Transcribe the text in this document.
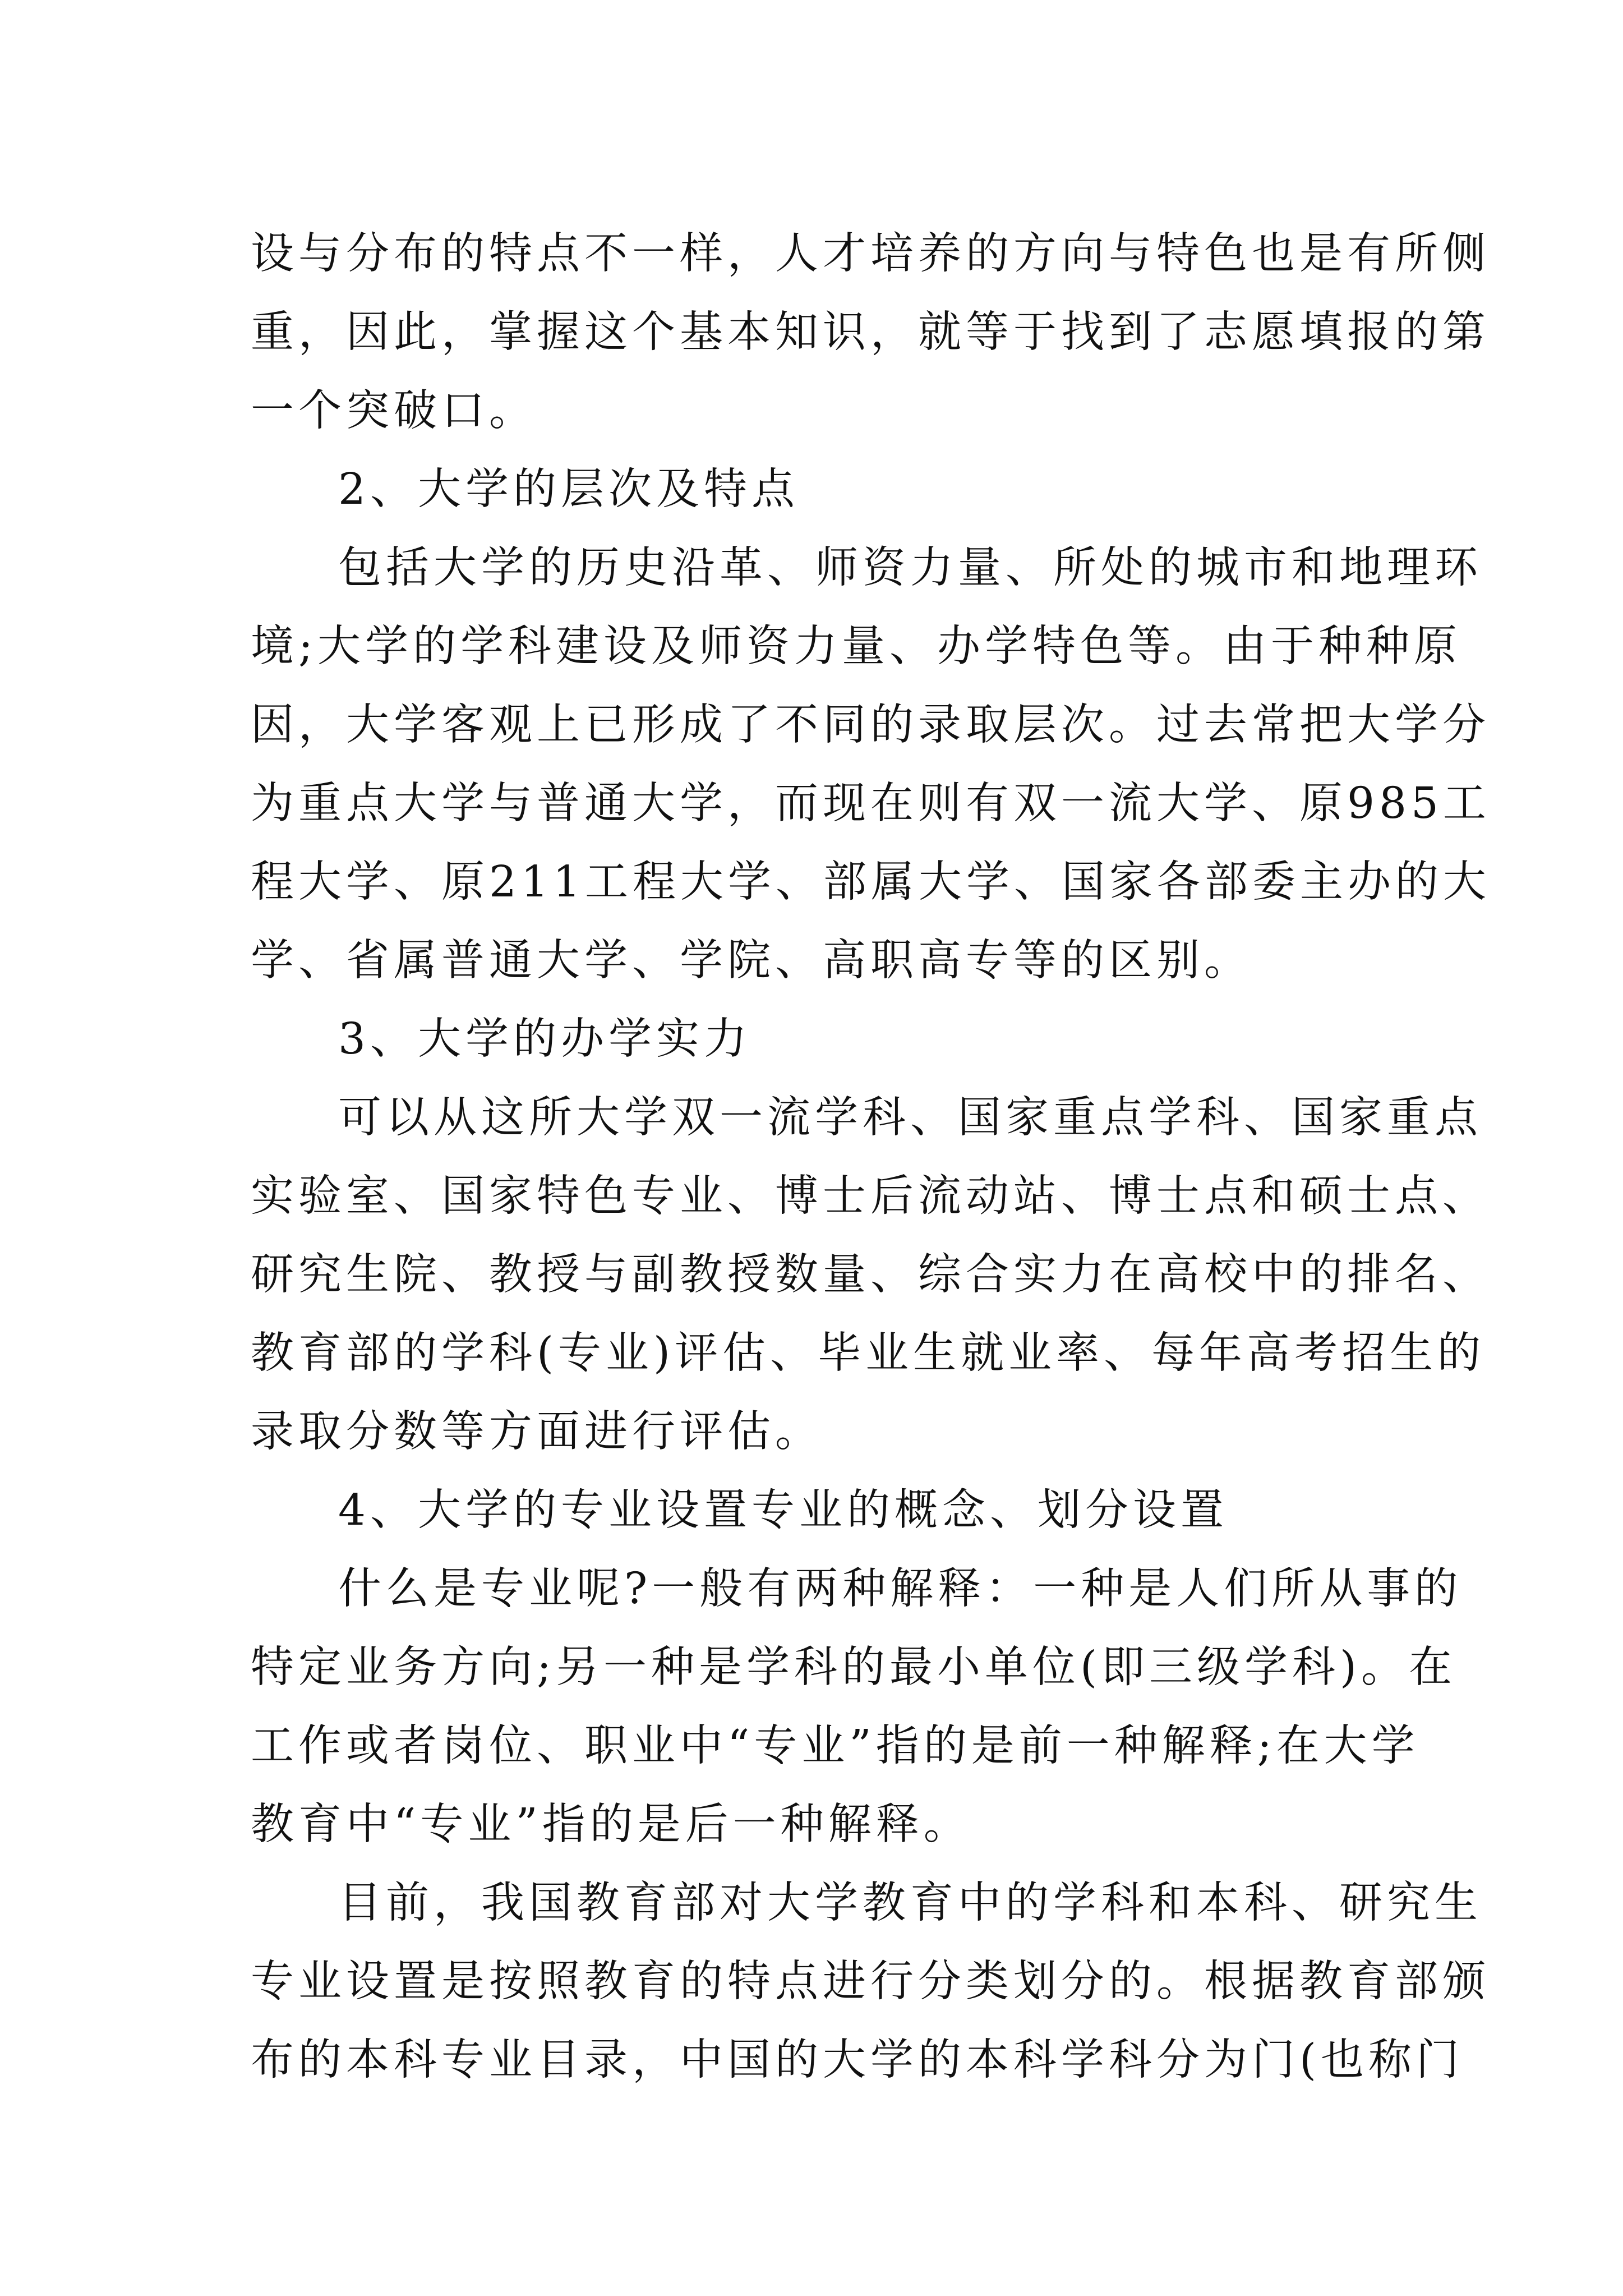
设与分布的特点不一样，人才培养的方向与特色也是有所侧
重，因此，掌握这个基本知识，就等于找到了志愿填报的第
一个突破口。
2、大学的层次及特点
包括大学的历史沿革、师资力量、所处的城市和地理环
境;大学的学科建设及师资力量、办学特色等。由于种种原
因，大学客观上已形成了不同的录取层次。过去常把大学分
为重点大学与普通大学，而现在则有双一流大学、原985工
程大学、原211工程大学、部属大学、国家各部委主办的大
学、省属普通大学、学院、高职高专等的区别。
3、大学的办学实力
可以从这所大学双一流学科、国家重点学科、国家重点
实验室、国家特色专业、博士后流动站、博士点和硕士点、
研究生院、教授与副教授数量、综合实力在高校中的排名、
教育部的学科(专业)评估、毕业生就业率、每年高考招生的
录取分数等方面进行评估。
4、大学的专业设置专业的概念、划分设置
什么是专业呢?一般有两种解释：一种是人们所从事的
特定业务方向;另一种是学科的最小单位(即三级学科)。在
工作或者岗位、职业中“专业”指的是前一种解释;在大学
教育中“专业”指的是后一种解释。
目前，我国教育部对大学教育中的学科和本科、研究生
专业设置是按照教育的特点进行分类划分的。根据教育部颁
布的本科专业目录，中国的大学的本科学科分为门(也称门
